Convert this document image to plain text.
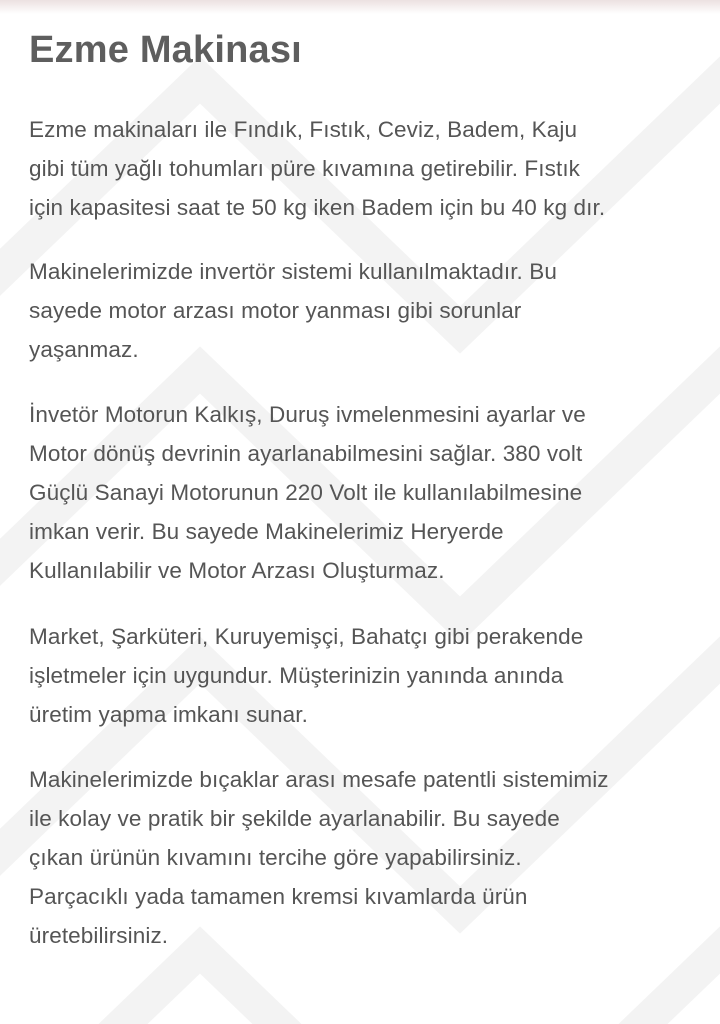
Ezme Makinası

Ezme makinaları ile Fındık, Fıstık, Ceviz, Badem, Kaju
gibi tüm yağlı tohumları püre kıvamına getirebilir. Fıstık
için kapasitesi saat te 50 kg iken Badem için bu 40 kg dır.

Makinelerimizde invertör sistemi kullanılmaktadır. Bu
sayede motor arzası motor yanması gibi sorunlar
yaşanmaz.

İnvetör Motorun Kalkış, Duruş ivmelenmesini ayarlar ve
Motor dönüş devrinin ayarlanabilmesini sağlar. 380 volt
Güçlü Sanayi Motorunun 220 Volt ile kullanılabilmesine
imkan verir. Bu sayede Makinelerimiz Heryerde
Kullanılabilir ve Motor Arzası Oluşturmaz.

Market, Şarküteri, Kuruyemişçi, Bahatçı gibi perakende
işletmeler için uygundur. Müşterinizin yanında anında
üretim yapma imkanı sunar.

Makinelerimizde bıçaklar arası mesafe patentli sistemimiz
ile kolay ve pratik bir şekilde ayarlanabilir. Bu sayede
çıkan ürünün kıvamını tercihe göre yapabilirsiniz.
Parçacıklı yada tamamen kremsi kıvamlarda ürün
üretebilirsiniz.
